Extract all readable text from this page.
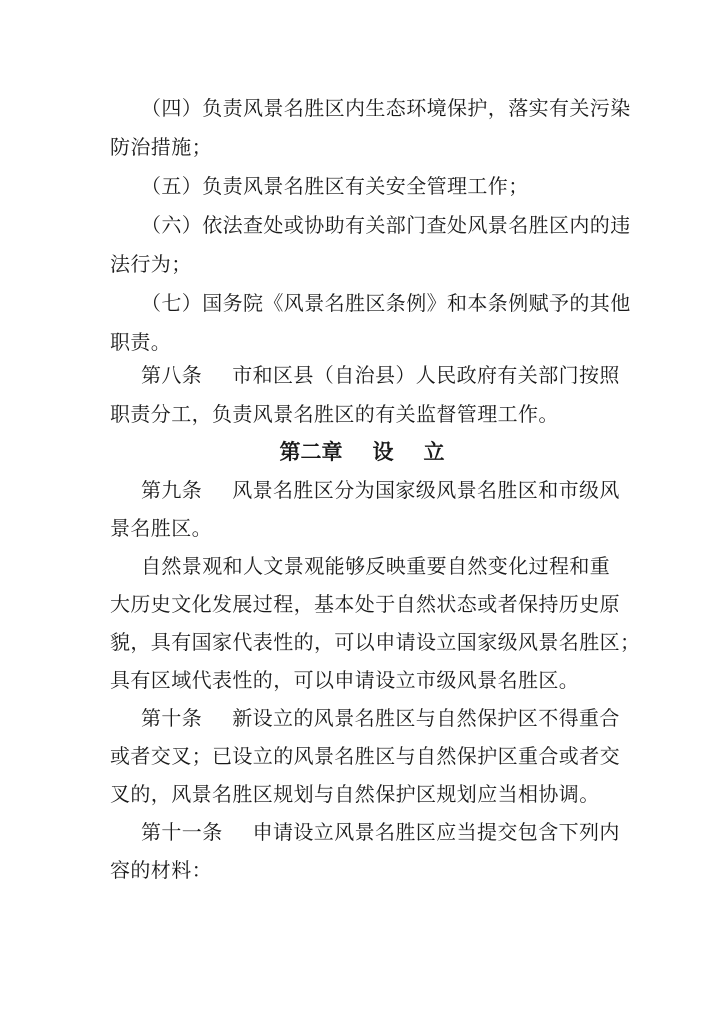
（四）负责风景名胜区内生态环境保护，落实有关污染
防治措施；
（五）负责风景名胜区有关安全管理工作；
（六）依法查处或协助有关部门查处风景名胜区内的违
法行为；
（七）国务院《风景名胜区条例》和本条例赋予的其他
职责。
第八条 市和区县（自治县）人民政府有关部门按照
职责分工，负责风景名胜区的有关监督管理工作。
第二章 设 立
第九条 风景名胜区分为国家级风景名胜区和市级风
景名胜区。
自然景观和人文景观能够反映重要自然变化过程和重
大历史文化发展过程，基本处于自然状态或者保持历史原
貌，具有国家代表性的，可以申请设立国家级风景名胜区；
具有区域代表性的，可以申请设立市级风景名胜区。
第十条 新设立的风景名胜区与自然保护区不得重合
或者交叉；已设立的风景名胜区与自然保护区重合或者交
叉的，风景名胜区规划与自然保护区规划应当相协调。
第十一条 申请设立风景名胜区应当提交包含下列内
容的材料：
